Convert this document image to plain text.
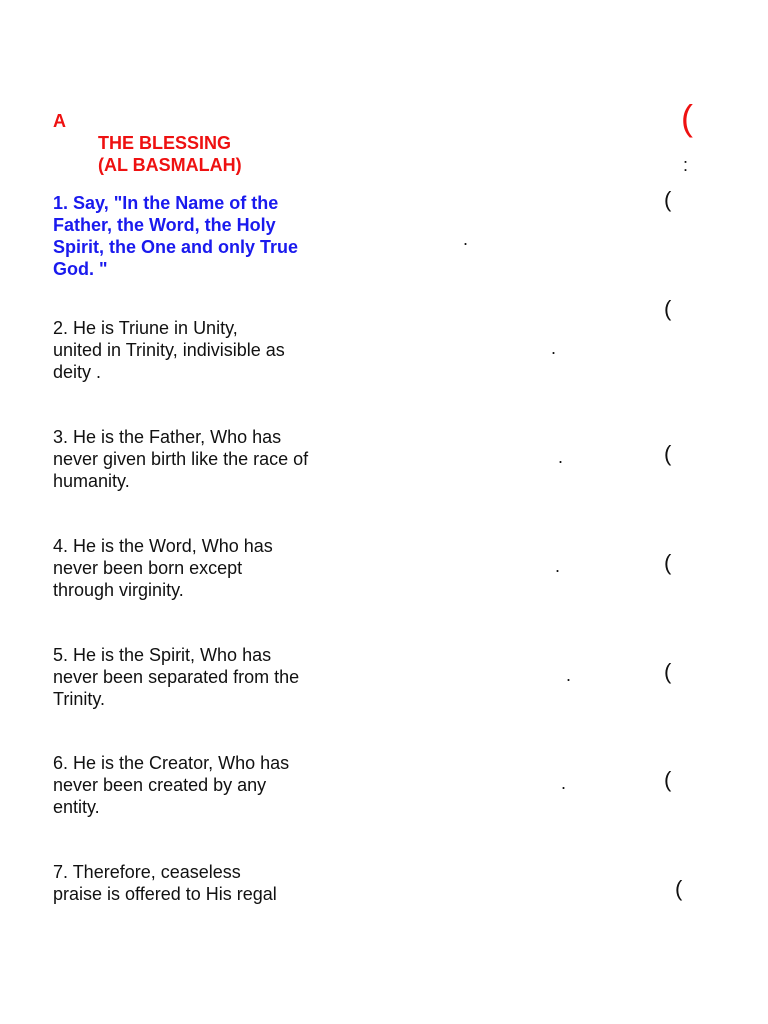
A
THE BLESSING
(AL BASMALAH)
(
:
1. Say, "In the Name of the
Father, the Word, the Holy
Spirit, the One and only True
God. "
(
.
2. He is Triune in Unity,
united in Trinity, indivisible as
deity .
(
.
3. He is the Father, Who has
never given birth like the race of
humanity.
(
.
4. He is the Word, Who has
never been born except
through virginity.
(
.
5. He is the Spirit, Who has
never been separated from the
Trinity.
(
.
6. He is the Creator, Who has
never been created by any
entity.
(
.
7. Therefore, ceaseless
praise is offered to His regal	(
